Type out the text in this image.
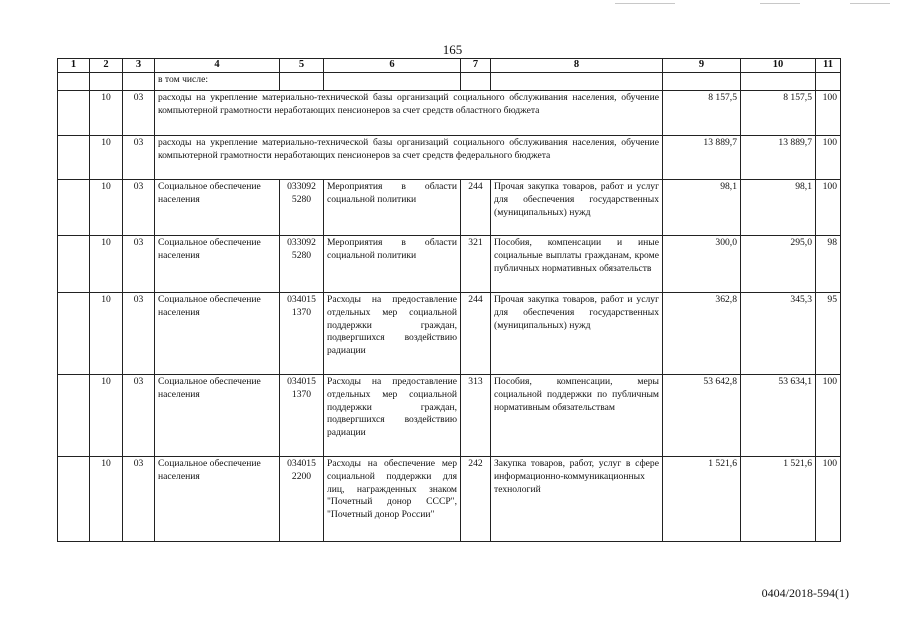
165
1	2	3	4	5	6	7	8	9	10	11
			в том числе:							
	10	03	расходы на укрепление материально-технической базы организаций социального обслуживания населения, обучение компьютерной грамотности неработающих пенсионеров за счет средств областного бюджета					8 157,5	8 157,5	100
	10	03	расходы на укрепление материально-технической базы организаций социального обслуживания населения, обучение компьютерной грамотности неработающих пенсионеров за счет средств федерального бюджета					13 889,7	13 889,7	100
	10	03	Социальное обеспечение населения	033092 5280	Мероприятия в области социальной политики	244	Прочая закупка товаров, работ и услуг для обеспечения государственных (муниципальных) нужд	98,1	98,1	100
	10	03	Социальное обеспечение населения	033092 5280	Мероприятия в области социальной политики	321	Пособия, компенсации и иные социальные выплаты гражданам, кроме публичных нормативных обязательств	300,0	295,0	98
	10	03	Социальное обеспечение населения	034015 1370	Расходы на предоставление отдельных мер социальной поддержки граждан, подвергшихся воздействию радиации	244	Прочая закупка товаров, работ и услуг для обеспечения государственных (муниципальных) нужд	362,8	345,3	95
	10	03	Социальное обеспечение населения	034015 1370	Расходы на предоставление отдельных мер социальной поддержки граждан, подвергшихся воздействию радиации	313	Пособия, компенсации, меры социальной поддержки по публичным нормативным обязательствам	53 642,8	53 634,1	100
	10	03	Социальное обеспечение населения	034015 2200	Расходы на обеспечение мер социальной поддержки для лиц, награжденных знаком "Почетный донор СССР", "Почетный донор России"	242	Закупка товаров, работ, услуг в сфере информационно-коммуникационных технологий	1 521,6	1 521,6	100
0404/2018-594(1)
